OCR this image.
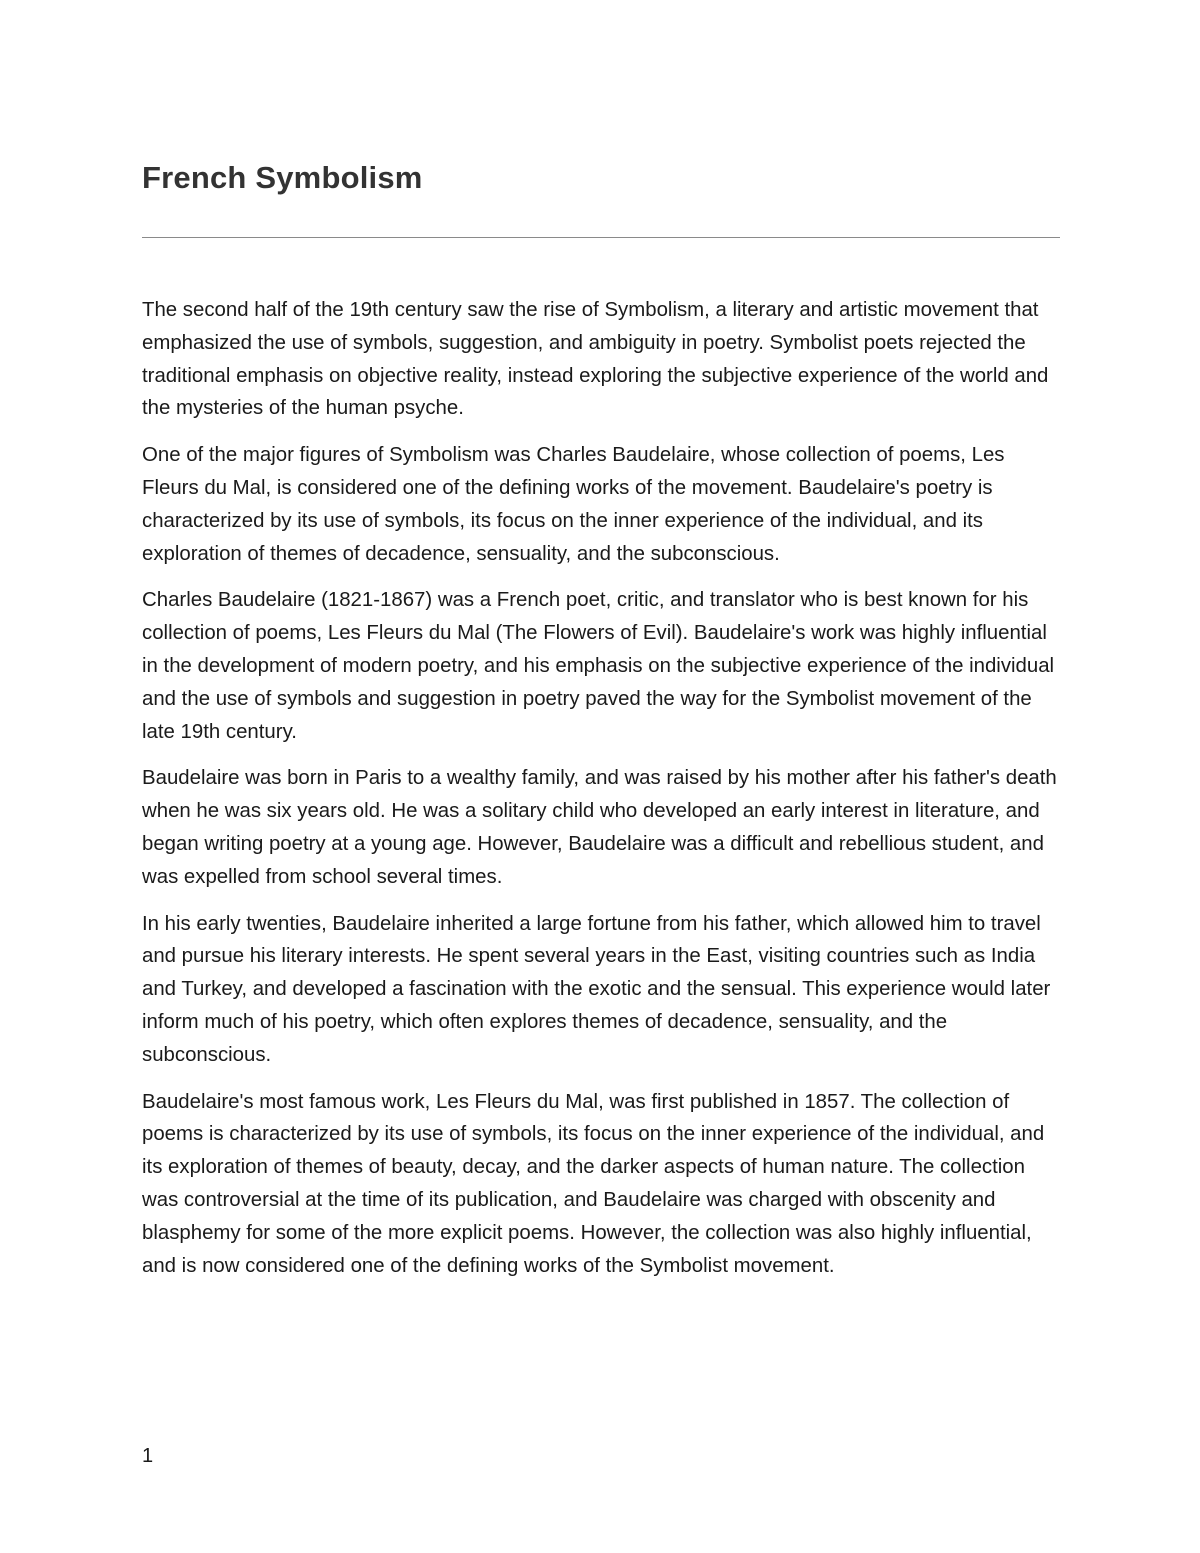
French Symbolism

The second half of the 19th century saw the rise of Symbolism, a literary and artistic movement that emphasized the use of symbols, suggestion, and ambiguity in poetry. Symbolist poets rejected the traditional emphasis on objective reality, instead exploring the subjective experience of the world and the mysteries of the human psyche.

One of the major figures of Symbolism was Charles Baudelaire, whose collection of poems, Les Fleurs du Mal, is considered one of the defining works of the movement. Baudelaire's poetry is characterized by its use of symbols, its focus on the inner experience of the individual, and its exploration of themes of decadence, sensuality, and the subconscious.

Charles Baudelaire (1821-1867) was a French poet, critic, and translator who is best known for his collection of poems, Les Fleurs du Mal (The Flowers of Evil). Baudelaire's work was highly influential in the development of modern poetry, and his emphasis on the subjective experience of the individual and the use of symbols and suggestion in poetry paved the way for the Symbolist movement of the late 19th century.

Baudelaire was born in Paris to a wealthy family, and was raised by his mother after his father's death when he was six years old. He was a solitary child who developed an early interest in literature, and began writing poetry at a young age. However, Baudelaire was a difficult and rebellious student, and was expelled from school several times.

In his early twenties, Baudelaire inherited a large fortune from his father, which allowed him to travel and pursue his literary interests. He spent several years in the East, visiting countries such as India and Turkey, and developed a fascination with the exotic and the sensual. This experience would later inform much of his poetry, which often explores themes of decadence, sensuality, and the subconscious.

Baudelaire's most famous work, Les Fleurs du Mal, was first published in 1857. The collection of poems is characterized by its use of symbols, its focus on the inner experience of the individual, and its exploration of themes of beauty, decay, and the darker aspects of human nature. The collection was controversial at the time of its publication, and Baudelaire was charged with obscenity and blasphemy for some of the more explicit poems. However, the collection was also highly influential, and is now considered one of the defining works of the Symbolist movement.

1
